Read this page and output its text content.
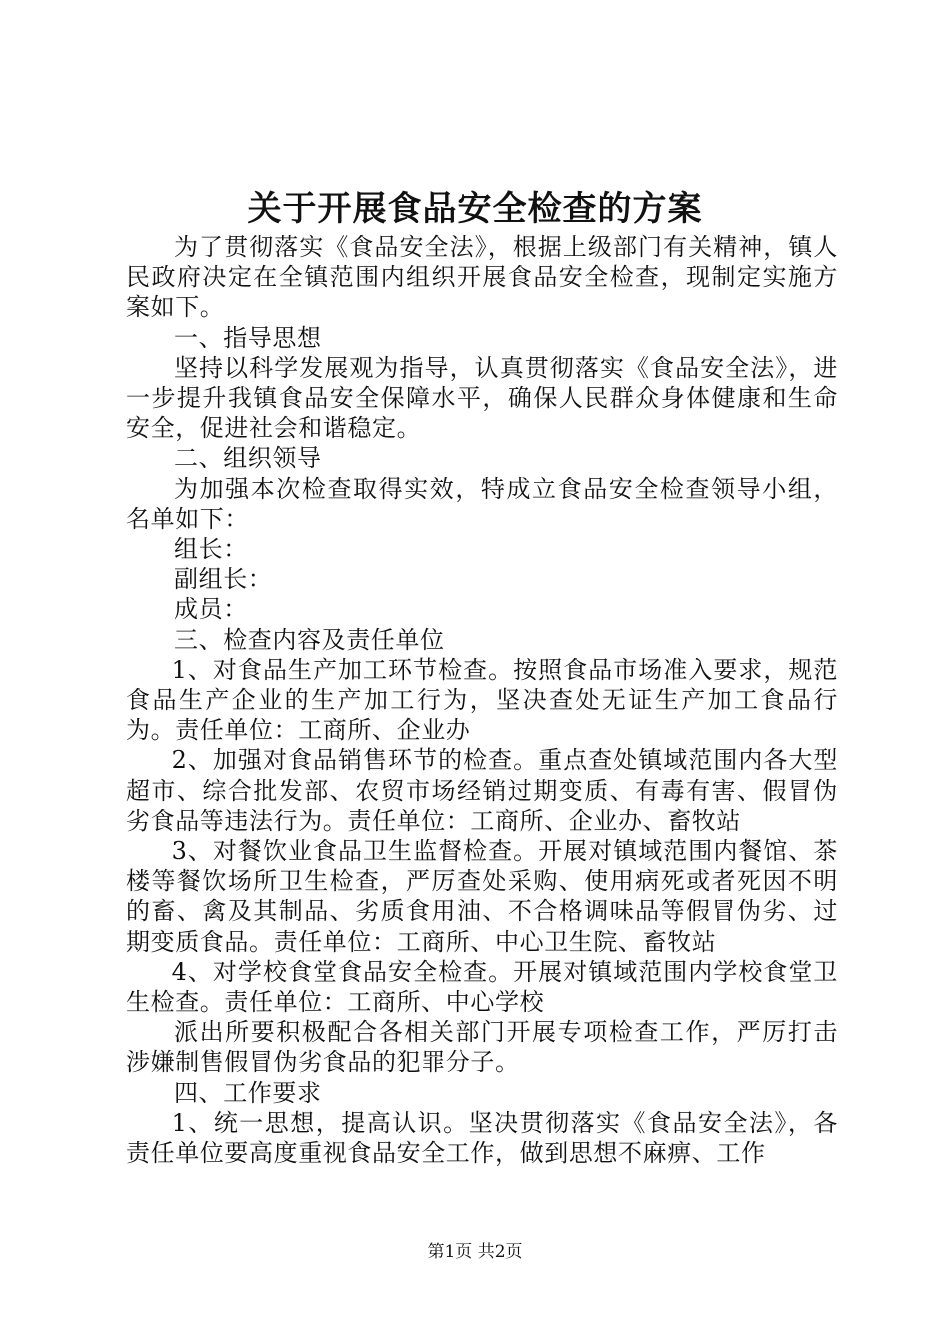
关于开展食品安全检查的方案

为了贯彻落实《食品安全法》，根据上级部门有关精神，镇人民政府决定在全镇范围内组织开展食品安全检查，现制定实施方案如下。

一、指导思想

坚持以科学发展观为指导，认真贯彻落实《食品安全法》，进一步提升我镇食品安全保障水平，确保人民群众身体健康和生命安全，促进社会和谐稳定。

二、组织领导

为加强本次检查取得实效，特成立食品安全检查领导小组，名单如下：

组长：

副组长：

成员：

三、检查内容及责任单位

1、对食品生产加工环节检查。按照食品市场准入要求，规范食品生产企业的生产加工行为，坚决查处无证生产加工食品行为。责任单位：工商所、企业办

2、加强对食品销售环节的检查。重点查处镇域范围内各大型超市、综合批发部、农贸市场经销过期变质、有毒有害、假冒伪劣食品等违法行为。责任单位：工商所、企业办、畜牧站

3、对餐饮业食品卫生监督检查。开展对镇域范围内餐馆、茶楼等餐饮场所卫生检查，严厉查处采购、使用病死或者死因不明的畜、禽及其制品、劣质食用油、不合格调味品等假冒伪劣、过期变质食品。责任单位：工商所、中心卫生院、畜牧站

4、对学校食堂食品安全检查。开展对镇域范围内学校食堂卫生检查。责任单位：工商所、中心学校

派出所要积极配合各相关部门开展专项检查工作，严厉打击涉嫌制售假冒伪劣食品的犯罪分子。

四、工作要求

1、统一思想，提高认识。坚决贯彻落实《食品安全法》，各责任单位要高度重视食品安全工作，做到思想不麻痹、工作

第1页 共2页
